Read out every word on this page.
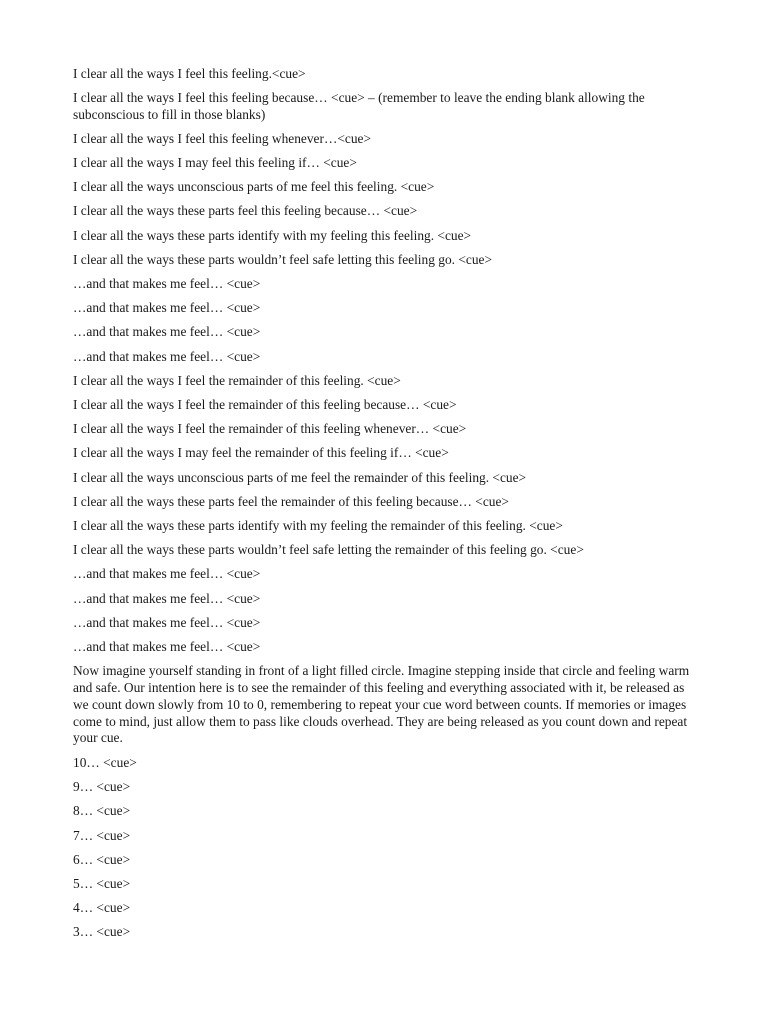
I clear all the ways I feel this feeling.<cue>

I clear all the ways I feel this feeling because… <cue> – (remember to leave the ending blank allowing the subconscious to fill in those blanks)

I clear all the ways I feel this feeling whenever…<cue>

I clear all the ways I may feel this feeling if… <cue>

I clear all the ways unconscious parts of me feel this feeling. <cue>

I clear all the ways these parts feel this feeling because… <cue>

I clear all the ways these parts identify with my feeling this feeling. <cue>

I clear all the ways these parts wouldn’t feel safe letting this feeling go. <cue>

…and that makes me feel… <cue>

…and that makes me feel… <cue>

…and that makes me feel… <cue>

…and that makes me feel… <cue>

I clear all the ways I feel the remainder of this feeling. <cue>

I clear all the ways I feel the remainder of this feeling because… <cue>

I clear all the ways I feel the remainder of this feeling whenever… <cue>

I clear all the ways I may feel the remainder of this feeling if… <cue>

I clear all the ways unconscious parts of me feel the remainder of this feeling. <cue>

I clear all the ways these parts feel the remainder of this feeling because… <cue>

I clear all the ways these parts identify with my feeling the remainder of this feeling. <cue>

I clear all the ways these parts wouldn’t feel safe letting the remainder of this feeling go. <cue>

…and that makes me feel… <cue>

…and that makes me feel… <cue>

…and that makes me feel… <cue>

…and that makes me feel… <cue>

Now imagine yourself standing in front of a light filled circle. Imagine stepping inside that circle and feeling warm and safe. Our intention here is to see the remainder of this feeling and everything associated with it, be released as we count down slowly from 10 to 0, remembering to repeat your cue word between counts. If memories or images come to mind, just allow them to pass like clouds overhead. They are being released as you count down and repeat your cue.

10… <cue>

9… <cue>

8… <cue>

7… <cue>

6… <cue>

5… <cue>

4… <cue>

3… <cue>
